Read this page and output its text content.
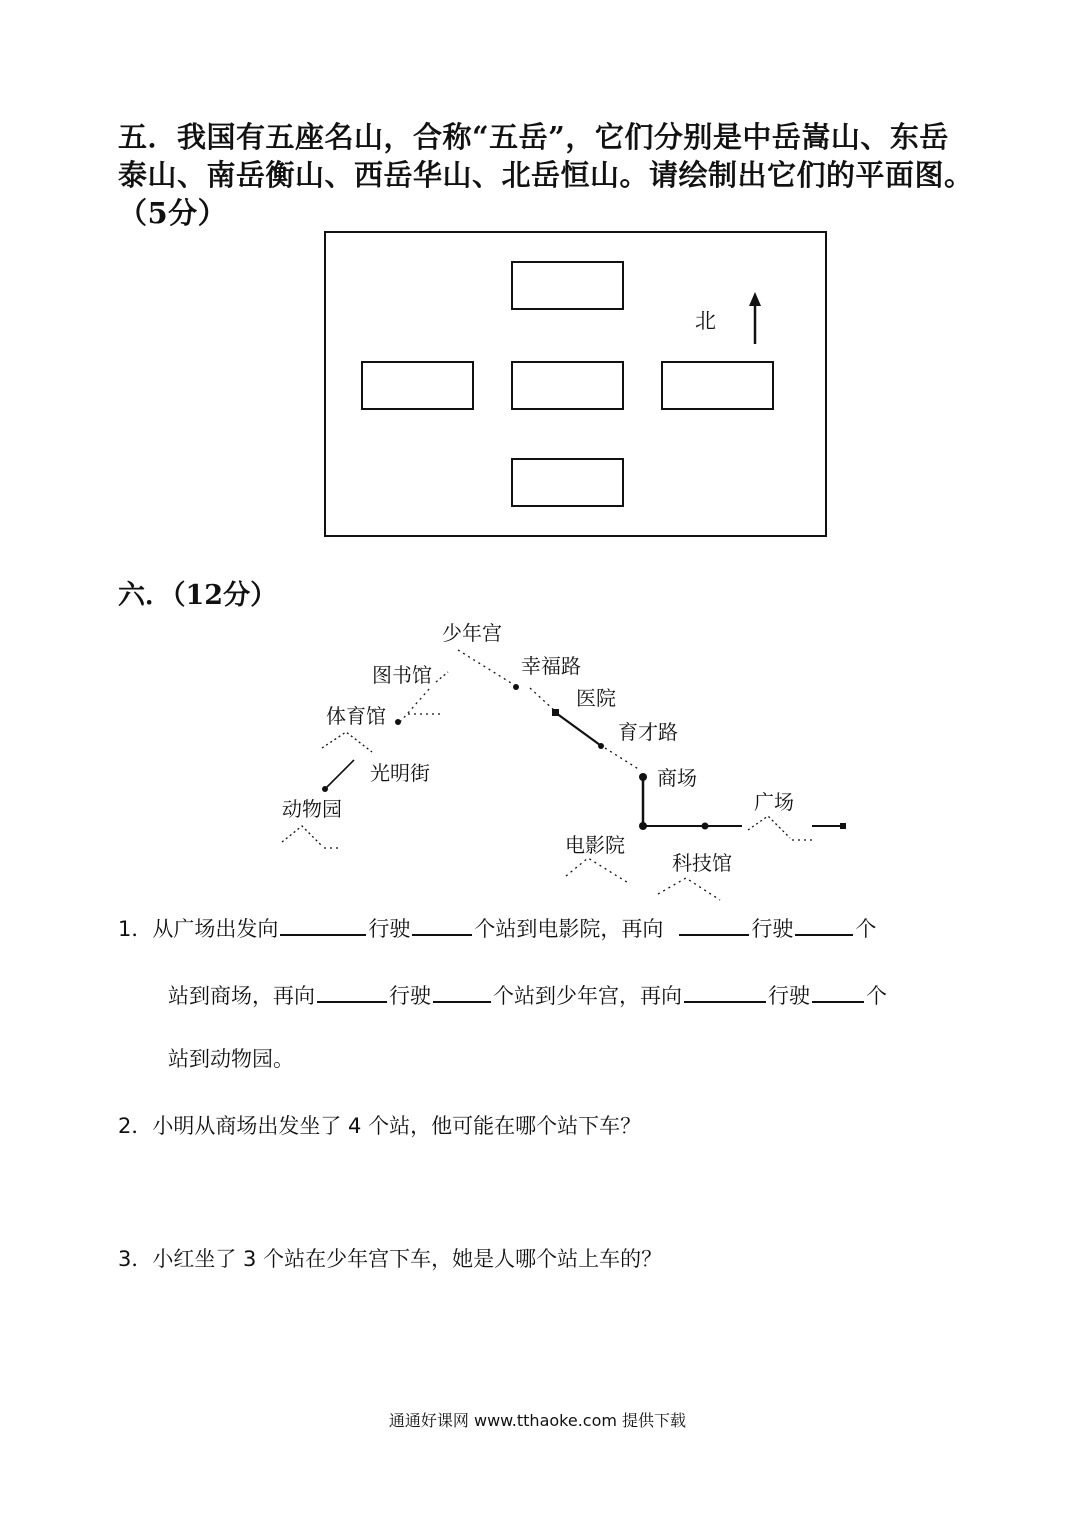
五．我国有五座名山，合称“五岳”，它们分别是中岳嵩山、东岳
泰山、南岳衡山、西岳华山、北岳恒山。请绘制出它们的平面图。
（5分）
北
六．（12分）
少年宫
幸福路
图书馆
医院
体育馆
育才路
光明街	商场
动物园	广场
电影院
科技馆
1．从广场出发向	行驶	个站到电影院，再向	行驶	个
站到商场，再向	行驶	个站到少年宫，再向	行驶	个
站到动物园。
2．小明从商场出发坐了 4 个站，他可能在哪个站下车？
3．小红坐了 3 个站在少年宫下车，她是人哪个站上车的？
通通好课网 www.tthaoke.com 提供下载
